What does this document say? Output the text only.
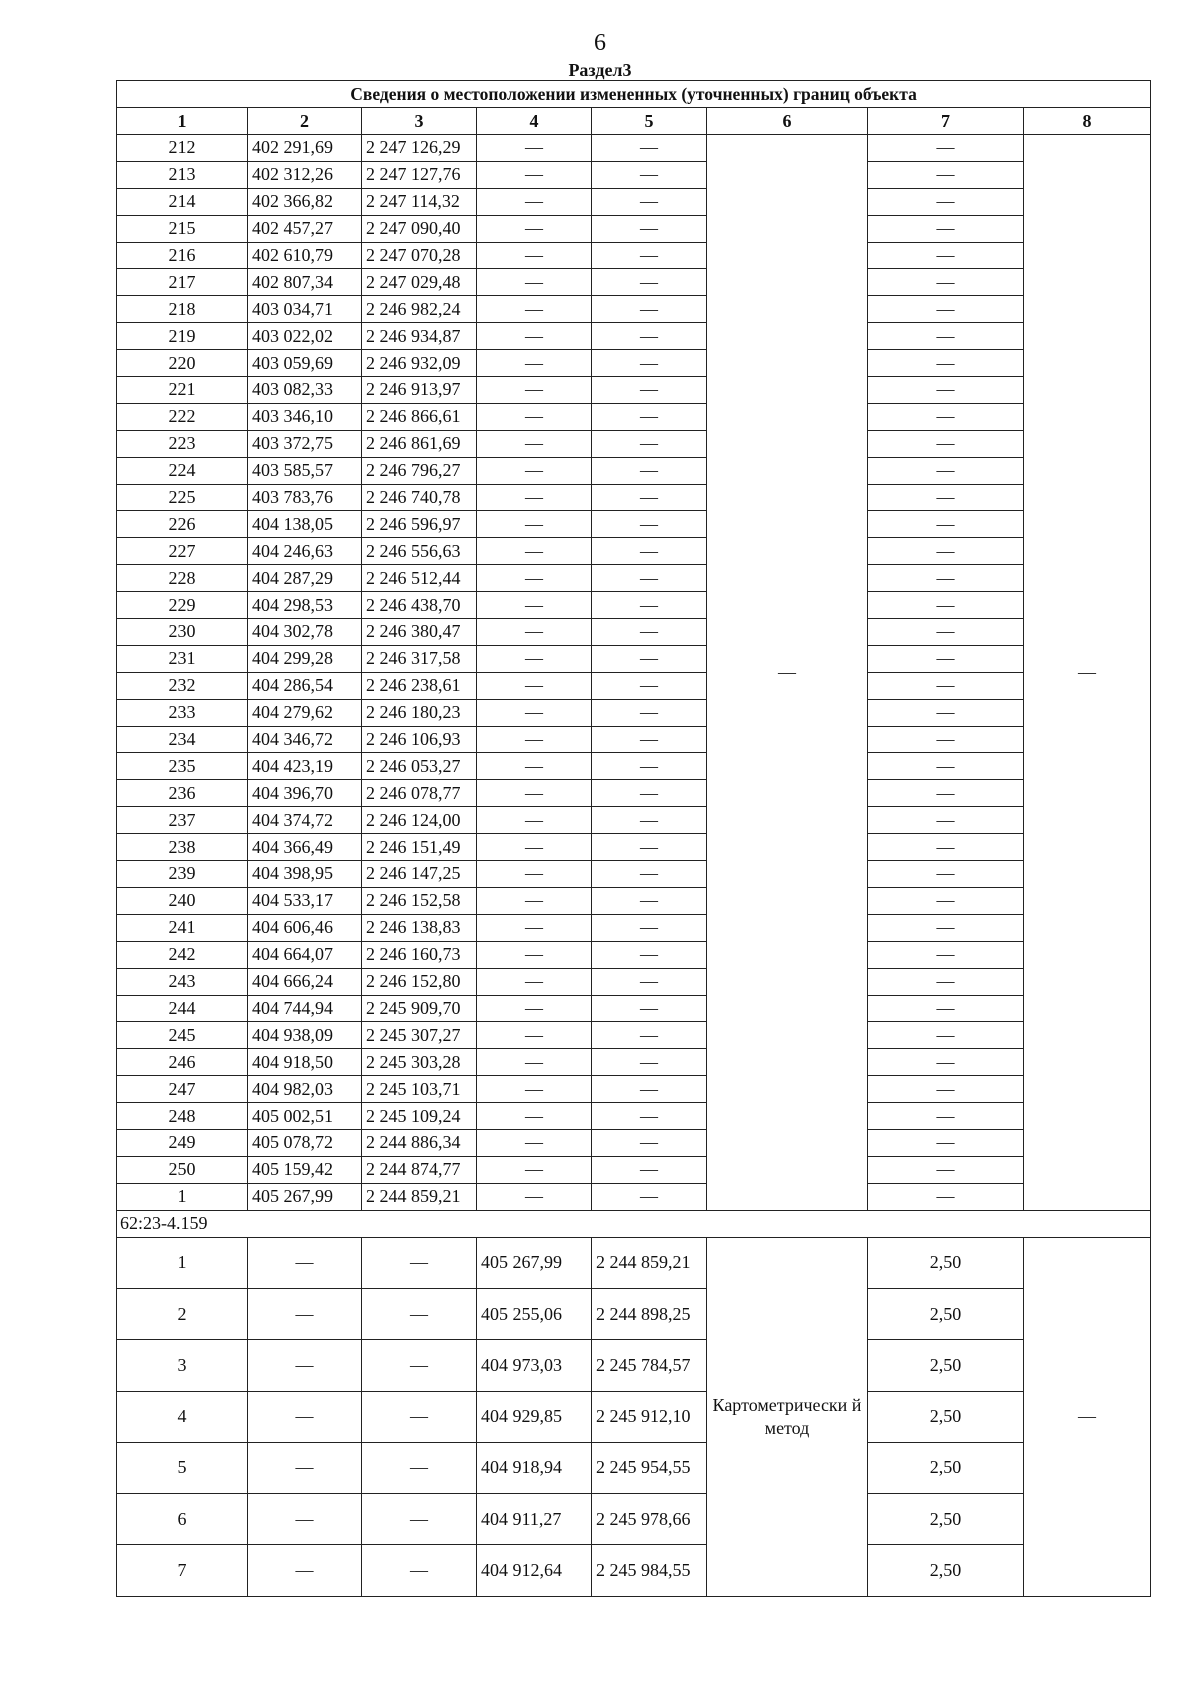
6
Раздел3
Сведения о местоположении измененных (уточненных) границ объекта							
1	2	3	4	5	6	7	8
212	402 291,69	2 247 126,29	—	—	—	—	—
213	402 312,26	2 247 127,76	—	—		—	
214	402 366,82	2 247 114,32	—	—		—	
215	402 457,27	2 247 090,40	—	—		—	
216	402 610,79	2 247 070,28	—	—		—	
217	402 807,34	2 247 029,48	—	—		—	
218	403 034,71	2 246 982,24	—	—		—	
219	403 022,02	2 246 934,87	—	—		—	
220	403 059,69	2 246 932,09	—	—		—	
221	403 082,33	2 246 913,97	—	—		—	
222	403 346,10	2 246 866,61	—	—		—	
223	403 372,75	2 246 861,69	—	—		—	
224	403 585,57	2 246 796,27	—	—		—	
225	403 783,76	2 246 740,78	—	—		—	
226	404 138,05	2 246 596,97	—	—		—	
227	404 246,63	2 246 556,63	—	—		—	
228	404 287,29	2 246 512,44	—	—		—	
229	404 298,53	2 246 438,70	—	—		—	
230	404 302,78	2 246 380,47	—	—		—	
231	404 299,28	2 246 317,58	—	—		—	
232	404 286,54	2 246 238,61	—	—		—	
233	404 279,62	2 246 180,23	—	—		—	
234	404 346,72	2 246 106,93	—	—		—	
235	404 423,19	2 246 053,27	—	—		—	
236	404 396,70	2 246 078,77	—	—		—	
237	404 374,72	2 246 124,00	—	—		—	
238	404 366,49	2 246 151,49	—	—		—	
239	404 398,95	2 246 147,25	—	—		—	
240	404 533,17	2 246 152,58	—	—		—	
241	404 606,46	2 246 138,83	—	—		—	
242	404 664,07	2 246 160,73	—	—		—	
243	404 666,24	2 246 152,80	—	—		—	
244	404 744,94	2 245 909,70	—	—		—	
245	404 938,09	2 245 307,27	—	—		—	
246	404 918,50	2 245 303,28	—	—		—	
247	404 982,03	2 245 103,71	—	—		—	
248	405 002,51	2 245 109,24	—	—		—	
249	405 078,72	2 244 886,34	—	—		—	
250	405 159,42	2 244 874,77	—	—		—	
1	405 267,99	2 244 859,21	—	—		—	
62:23-4.159							
1	—	—	405 267,99	2 244 859,21	Картометрически й метод	2,50	—
2	—	—	405 255,06	2 244 898,25		2,50	
3	—	—	404 973,03	2 245 784,57		2,50	
4	—	—	404 929,85	2 245 912,10		2,50	
5	—	—	404 918,94	2 245 954,55		2,50	
6	—	—	404 911,27	2 245 978,66		2,50	
7	—	—	404 912,64	2 245 984,55		2,50	
